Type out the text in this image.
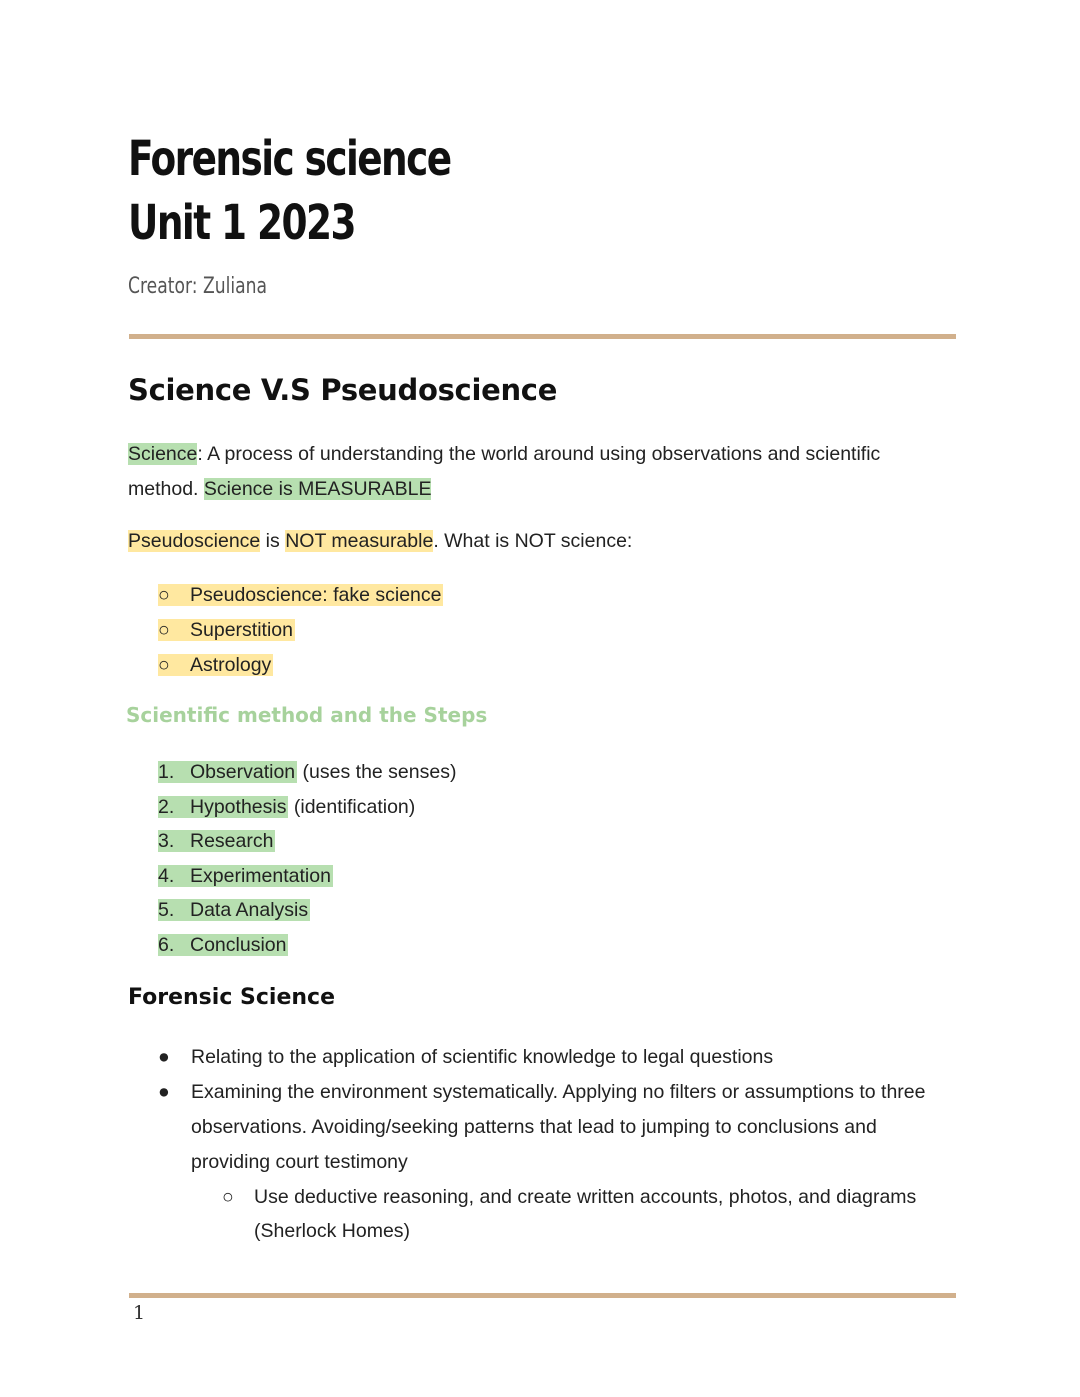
Forensic science
Unit 1 2023
Creator: Zuliana
Science V.S Pseudoscience
Science: A process of understanding the world around using observations and scientific method. Science is MEASURABLE
Pseudoscience is NOT measurable. What is NOT science:
○ Pseudoscience: fake science
○ Superstition
○ Astrology
Scientific method and the Steps
1. Observation (uses the senses)
2. Hypothesis (identification)
3. Research
4. Experimentation
5. Data Analysis
6. Conclusion
Forensic Science
●	Relating to the application of scientific knowledge to legal questions
●	Examining the environment systematically. Applying no filters or assumptions to three observations. Avoiding/seeking patterns that lead to jumping to conclusions and providing court testimony
○ Use deductive reasoning, and create written accounts, photos, and diagrams (Sherlock Homes)
1
